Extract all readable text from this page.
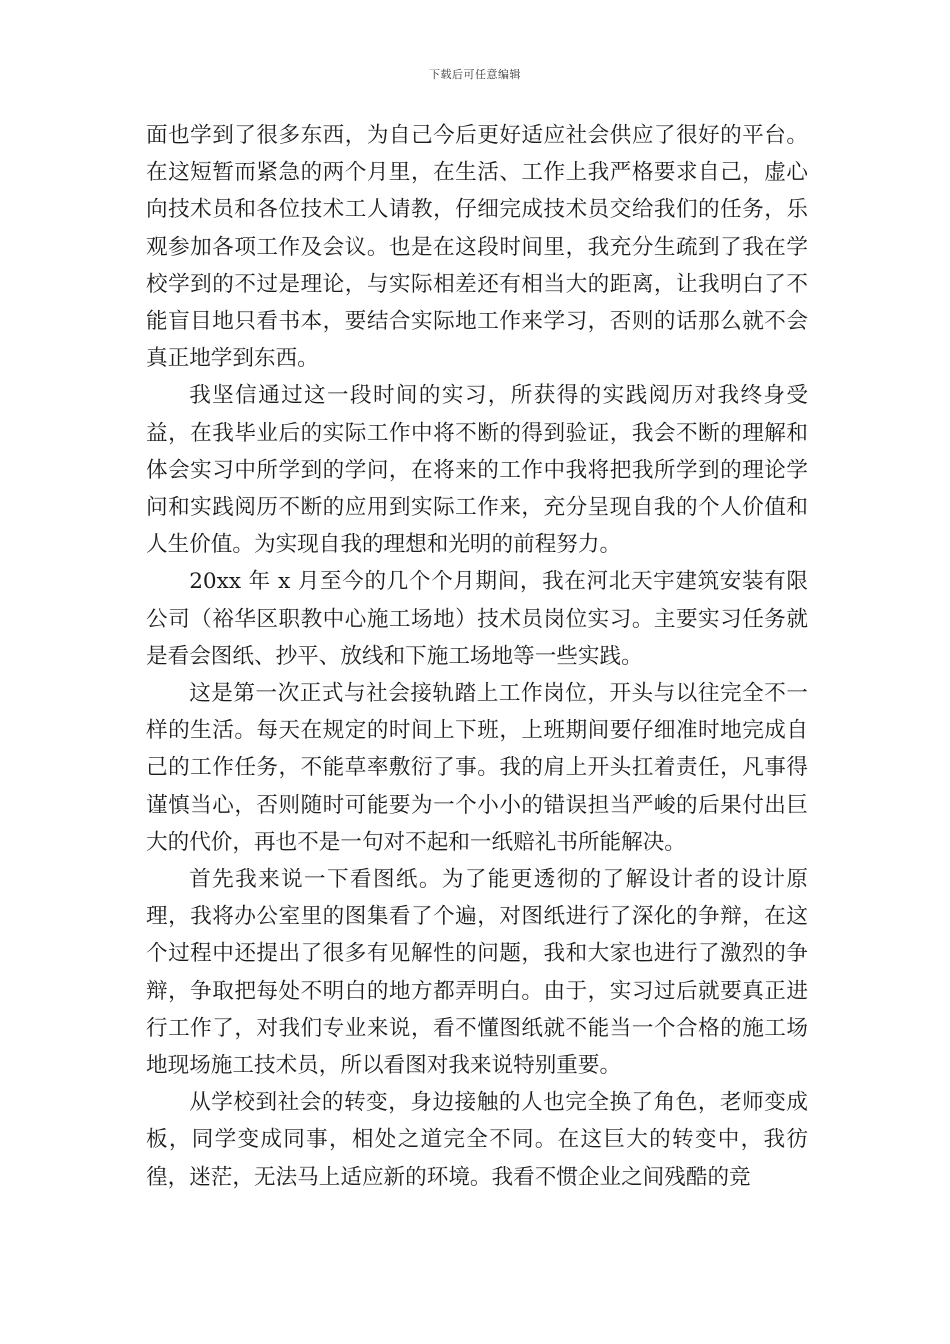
下载后可任意编辑

面也学到了很多东西，为自己今后更好适应社会供应了很好的平台。在这短暂而紧急的两个月里，在生活、工作上我严格要求自己，虚心向技术员和各位技术工人请教，仔细完成技术员交给我们的任务，乐观参加各项工作及会议。也是在这段时间里，我充分生疏到了我在学校学到的不过是理论，与实际相差还有相当大的距离，让我明白了不能盲目地只看书本，要结合实际地工作来学习，否则的话那么就不会真正地学到东西。

我坚信通过这一段时间的实习，所获得的实践阅历对我终身受益，在我毕业后的实际工作中将不断的得到验证，我会不断的理解和体会实习中所学到的学问，在将来的工作中我将把我所学到的理论学问和实践阅历不断的应用到实际工作来，充分呈现自我的个人价值和人生价值。为实现自我的理想和光明的前程努力。

20xx 年 x 月至今的几个个月期间，我在河北天宇建筑安装有限公司（裕华区职教中心施工场地）技术员岗位实习。主要实习任务就是看会图纸、抄平、放线和下施工场地等一些实践。

这是第一次正式与社会接轨踏上工作岗位，开头与以往完全不一样的生活。每天在规定的时间上下班，上班期间要仔细准时地完成自己的工作任务，不能草率敷衍了事。我的肩上开头扛着责任，凡事得谨慎当心，否则随时可能要为一个小小的错误担当严峻的后果付出巨大的代价，再也不是一句对不起和一纸赔礼书所能解决。

首先我来说一下看图纸。为了能更透彻的了解设计者的设计原理，我将办公室里的图集看了个遍，对图纸进行了深化的争辩，在这个过程中还提出了很多有见解性的问题，我和大家也进行了激烈的争辩，争取把每处不明白的地方都弄明白。由于，实习过后就要真正进行工作了，对我们专业来说，看不懂图纸就不能当一个合格的施工场地现场施工技术员，所以看图对我来说特别重要。

从学校到社会的转变，身边接触的人也完全换了角色，老师变成板，同学变成同事，相处之道完全不同。在这巨大的转变中，我彷徨，迷茫，无法马上适应新的环境。我看不惯企业之间残酷的竞
